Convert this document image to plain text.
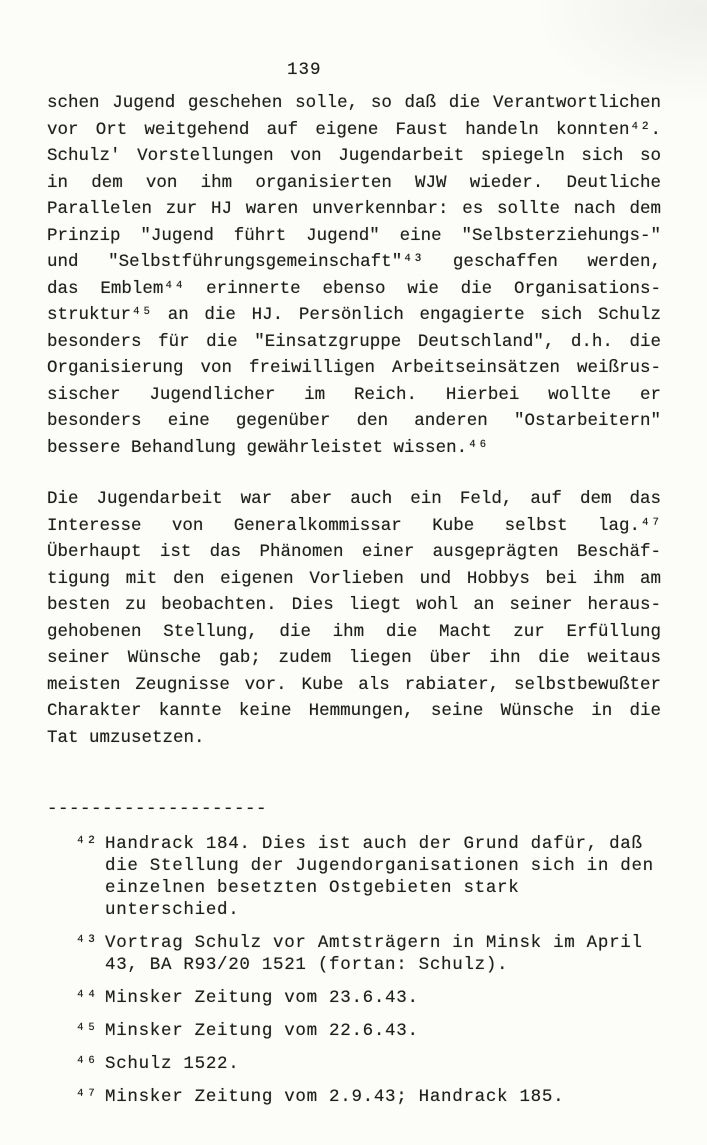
139
schen Jugend geschehen solle, so daß die Verantwortlichen
vor Ort weitgehend auf eigene Faust handeln konnten⁴².
Schulz' Vorstellungen von Jugendarbeit spiegeln sich so
in dem von ihm organisierten WJW wieder. Deutliche
Parallelen zur HJ waren unverkennbar: es sollte nach dem
Prinzip "Jugend führt Jugend" eine "Selbsterziehungs-"
und "Selbstführungsgemeinschaft"⁴³ geschaffen werden,
das Emblem⁴⁴ erinnerte ebenso wie die Organisations-
struktur⁴⁵ an die HJ. Persönlich engagierte sich Schulz
besonders für die "Einsatzgruppe Deutschland", d.h. die
Organisierung von freiwilligen Arbeitseinsätzen weißrus-
sischer Jugendlicher im Reich. Hierbei wollte er
besonders eine gegenüber den anderen "Ostarbeitern"
bessere Behandlung gewährleistet wissen.⁴⁶
Die Jugendarbeit war aber auch ein Feld, auf dem das
Interesse von Generalkommissar Kube selbst lag.⁴⁷
Überhaupt ist das Phänomen einer ausgeprägten Beschäf-
tigung mit den eigenen Vorlieben und Hobbys bei ihm am
besten zu beobachten. Dies liegt wohl an seiner heraus-
gehobenen Stellung, die ihm die Macht zur Erfüllung
seiner Wünsche gab; zudem liegen über ihn die weitaus
meisten Zeugnisse vor. Kube als rabiater, selbstbewußter
Charakter kannte keine Hemmungen, seine Wünsche in die
Tat umzusetzen.
--------------------
⁴² Handrack 184. Dies ist auch der Grund dafür, daß
die Stellung der Jugendorganisationen sich in den
einzelnen besetzten Ostgebieten stark unterschied.
⁴³ Vortrag Schulz vor Amtsträgern in Minsk im April
43, BA R93/20 1521 (fortan: Schulz).
⁴⁴ Minsker Zeitung vom 23.6.43.
⁴⁵ Minsker Zeitung vom 22.6.43.
⁴⁶ Schulz 1522.
⁴⁷ Minsker Zeitung vom 2.9.43; Handrack 185.
